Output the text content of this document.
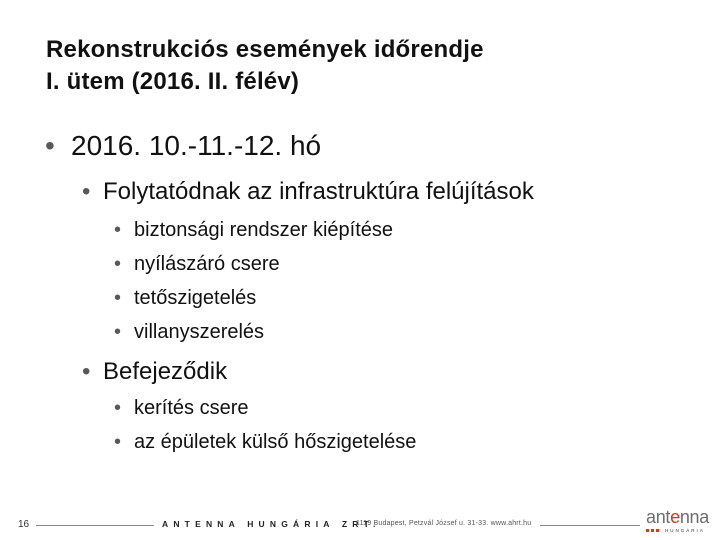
Rekonstrukciós események időrendje
I. ütem (2016. II. félév)
• 2016. 10.-11.-12. hó
• Folytatódnak az infrastruktúra felújítások
• biztonsági rendszer kiépítése
• nyílászáró csere
• tetőszigetelés
• villanyszerelés
• Befejeződik
• kerítés csere
• az épületek külső hőszigetelése
16	ANTENNA HUNGÁRIA ZRT.
1119 Budapest, Petzvál József u. 31-33. www.ahrt.hu	antenna
HUNGÁRIA
